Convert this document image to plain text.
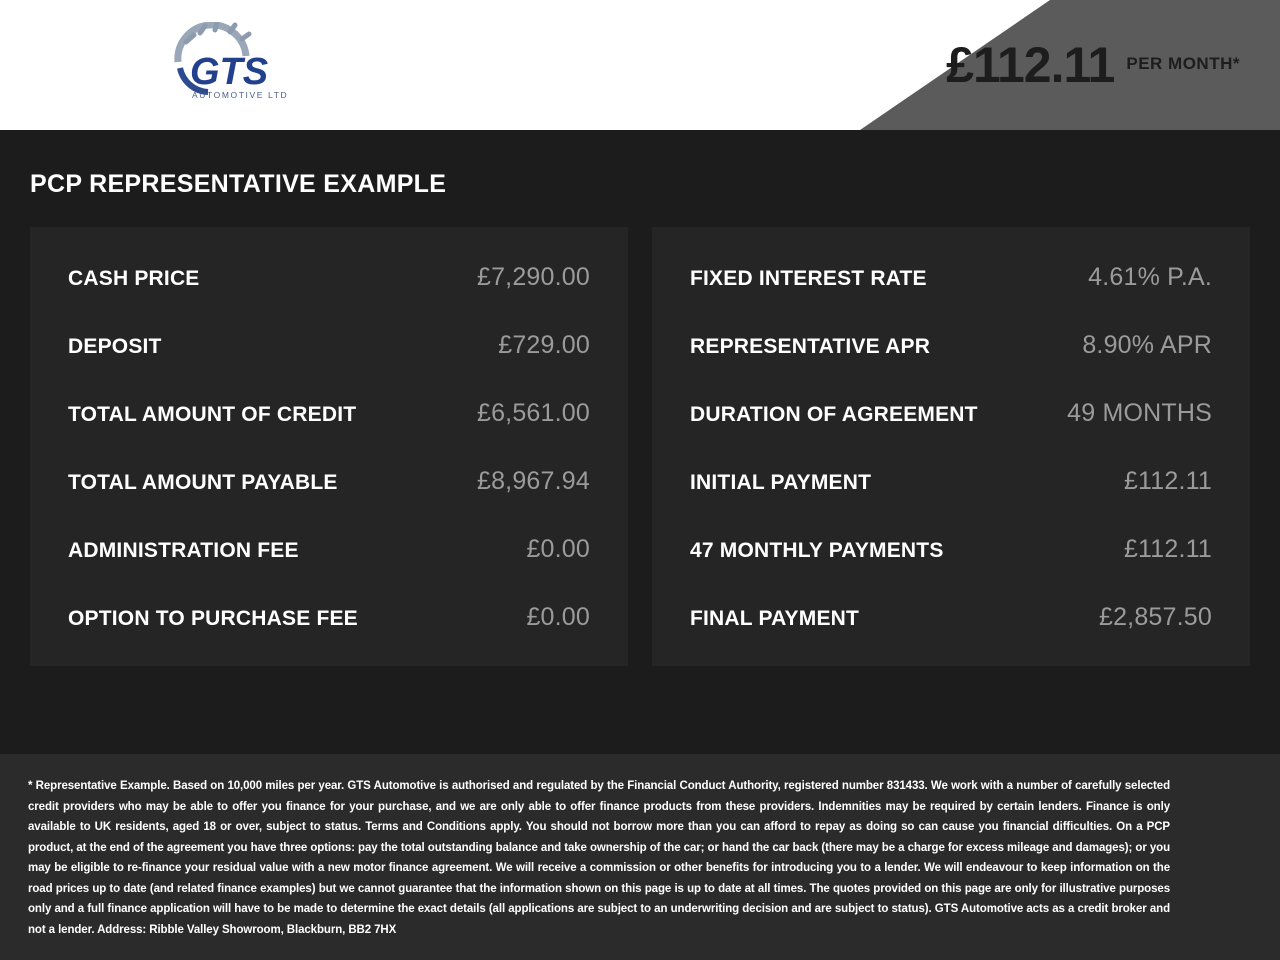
GTS
AUTOMOTIVE LTD
£112.11 PER MONTH*
PCP REPRESENTATIVE EXAMPLE
CASH PRICE	£7,290.00
DEPOSIT	£729.00
TOTAL AMOUNT OF CREDIT	£6,561.00
TOTAL AMOUNT PAYABLE	£8,967.94
ADMINISTRATION FEE	£0.00
OPTION TO PURCHASE FEE	£0.00
FIXED INTEREST RATE	4.61% P.A.
REPRESENTATIVE APR	8.90% APR
DURATION OF AGREEMENT	49 MONTHS
INITIAL PAYMENT	£112.11
47 MONTHLY PAYMENTS	£112.11
FINAL PAYMENT	£2,857.50

* Representative Example. Based on 10,000 miles per year. GTS Automotive is authorised and regulated by the Financial Conduct Authority, registered number 831433. We work with a number of carefully selected credit providers who may be able to offer you finance for your purchase, and we are only able to offer finance products from these providers. Indemnities may be required by certain lenders. Finance is only available to UK residents, aged 18 or over, subject to status. Terms and Conditions apply. You should not borrow more than you can afford to repay as doing so can cause you financial difficulties. On a PCP product, at the end of the agreement you have three options: pay the total outstanding balance and take ownership of the car; or hand the car back (there may be a charge for excess mileage and damages); or you may be eligible to re-finance your residual value with a new motor finance agreement. We will receive a commission or other benefits for introducing you to a lender. We will endeavour to keep information on the road prices up to date (and related finance examples) but we cannot guarantee that the information shown on this page is up to date at all times. The quotes provided on this page are only for illustrative purposes only and a full finance application will have to be made to determine the exact details (all applications are subject to an underwriting decision and are subject to status). GTS Automotive acts as a credit broker and not a lender. Address: Ribble Valley Showroom, Blackburn, BB2 7HX
